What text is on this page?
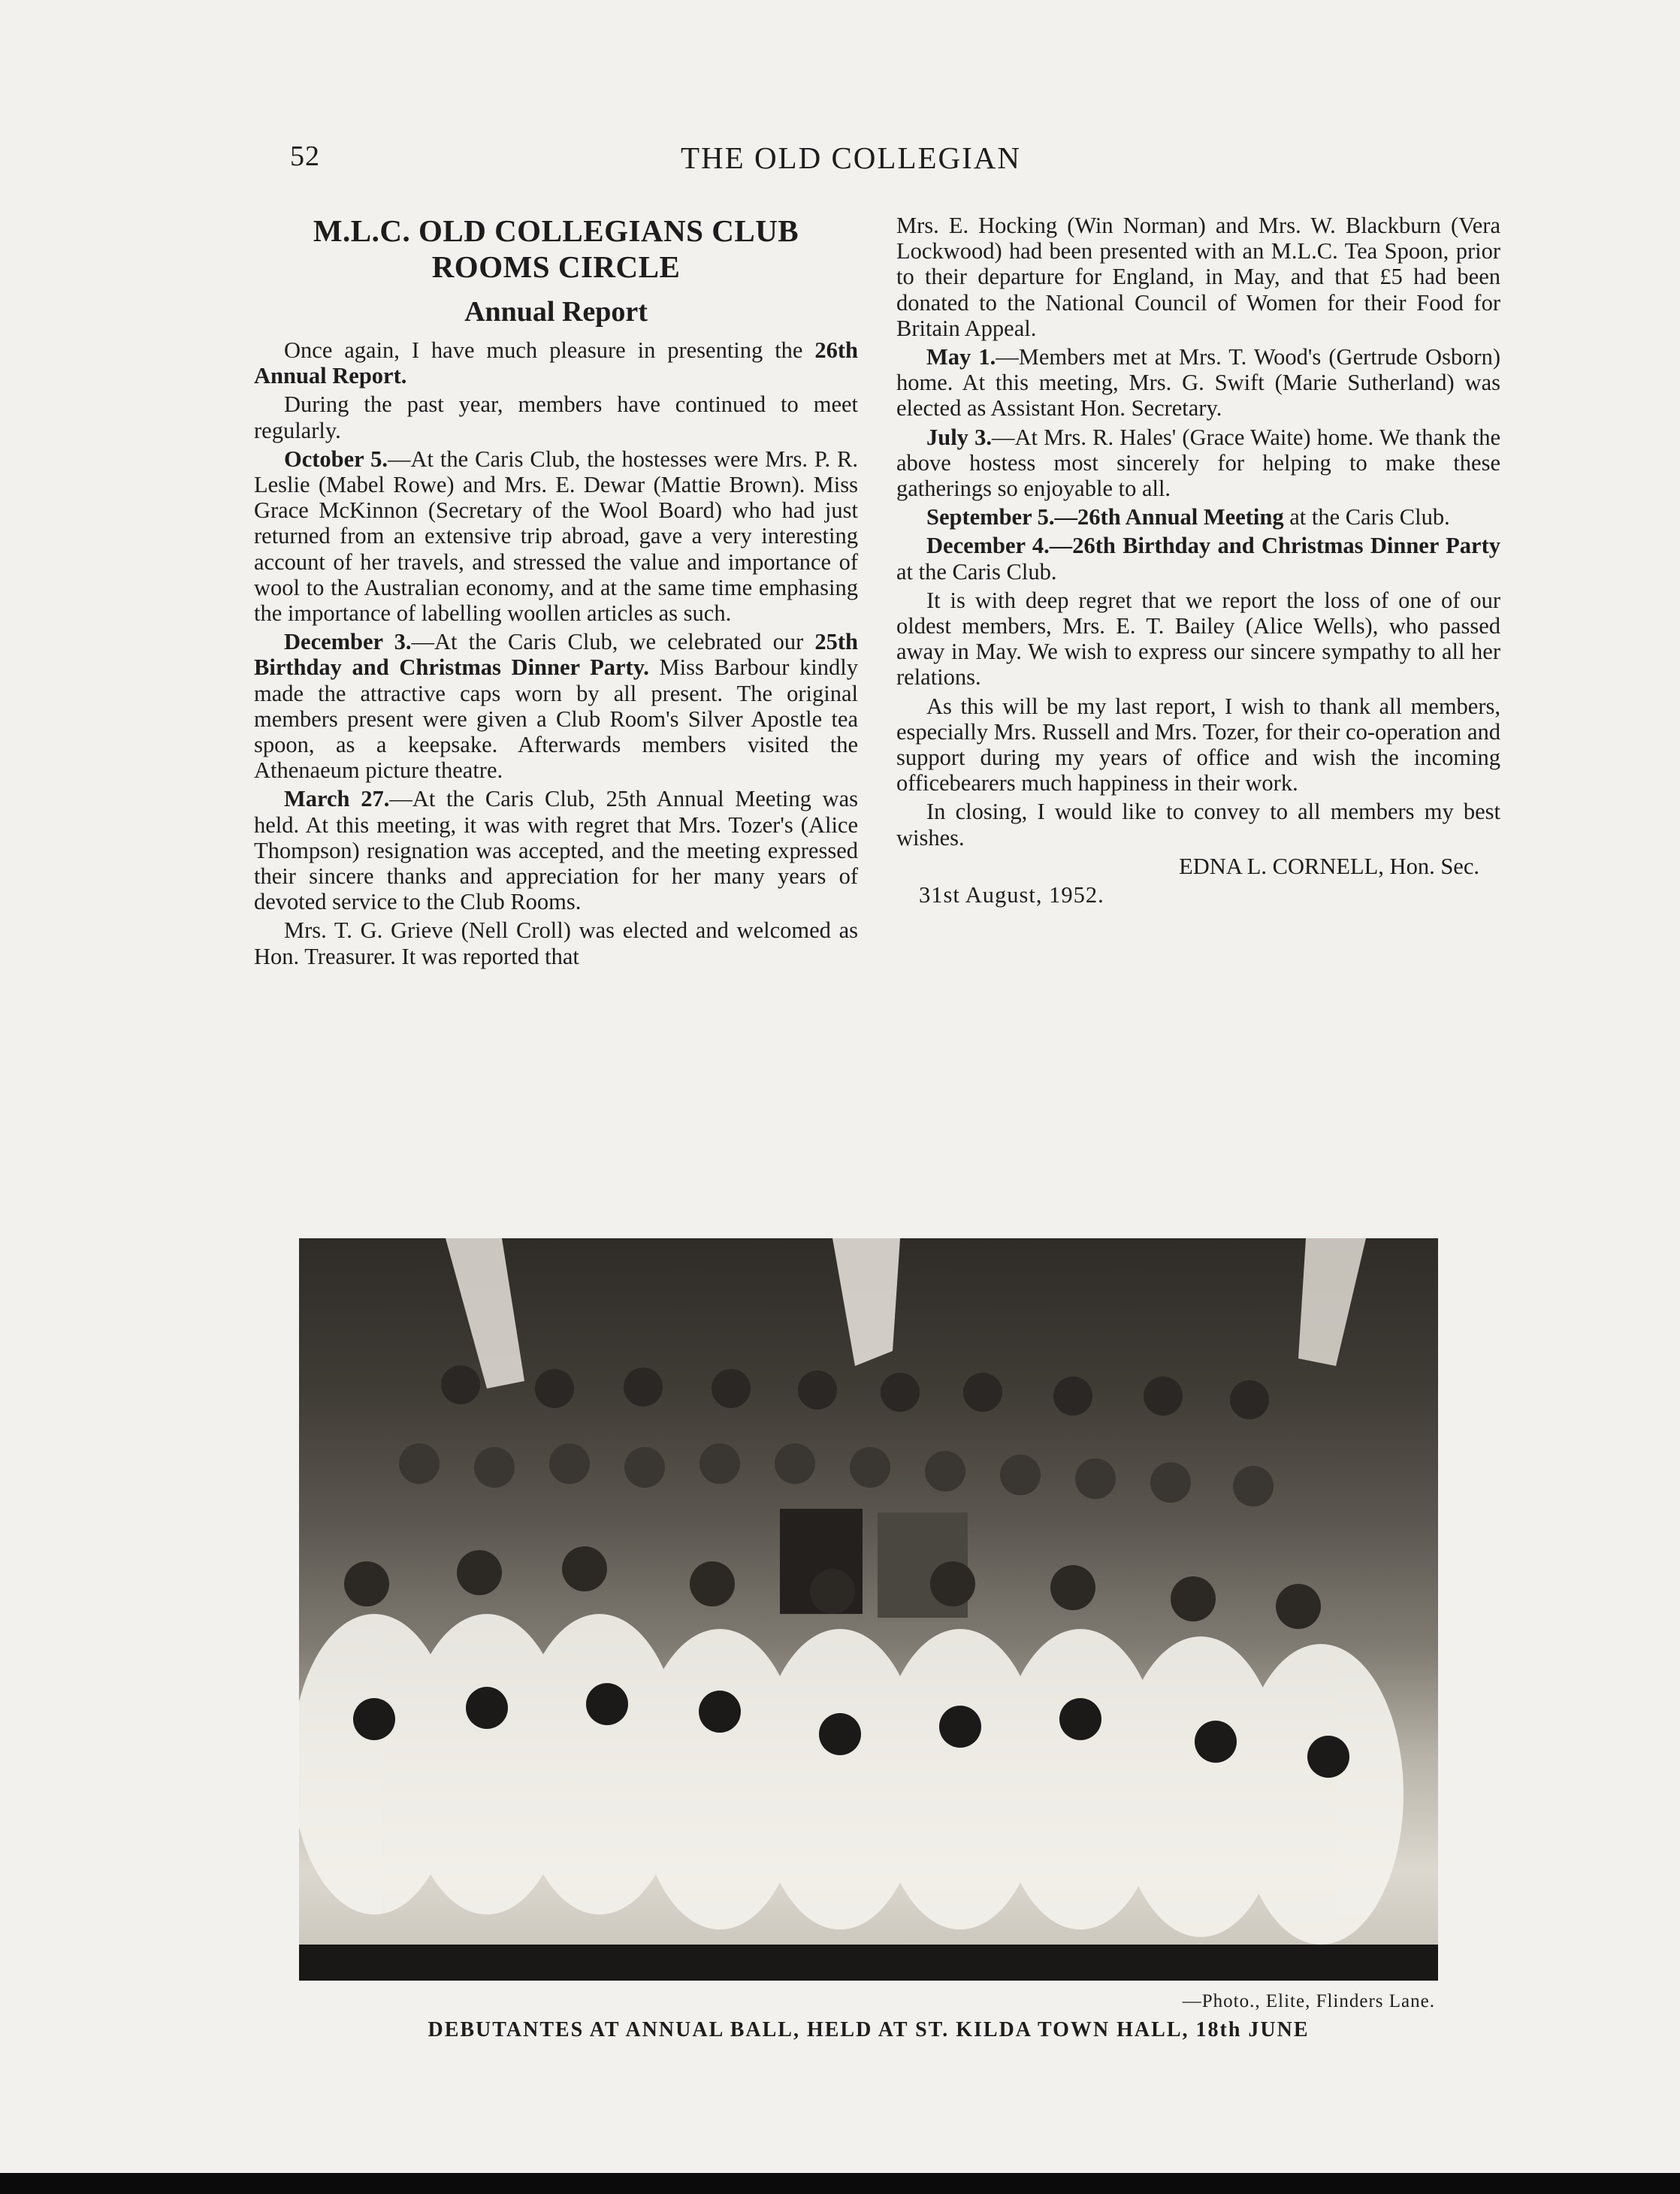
52	THE OLD COLLEGIAN
M.L.C. OLD COLLEGIANS CLUB
ROOMS CIRCLE
Annual Report

Once again, I have much pleasure in presenting the 26th Annual Report.

During the past year, members have continued to meet regularly.

October 5.—At the Caris Club, the hostesses were Mrs. P. R. Leslie (Mabel Rowe) and Mrs. E. Dewar (Mattie Brown). Miss Grace McKinnon (Secretary of the Wool Board) who had just returned from an extensive trip abroad, gave a very interesting account of her travels, and stressed the value and importance of wool to the Australian economy, and at the same time emphasing the importance of labelling woollen articles as such.

December 3.—At the Caris Club, we celebrated our 25th Birthday and Christmas Dinner Party. Miss Barbour kindly made the attractive caps worn by all present. The original members present were given a Club Room's Silver Apostle tea spoon, as a keepsake. Afterwards members visited the Athenaeum picture theatre.

March 27.—At the Caris Club, 25th Annual Meeting was held. At this meeting, it was with regret that Mrs. Tozer's (Alice Thompson) resignation was accepted, and the meeting expressed their sincere thanks and appreciation for her many years of devoted service to the Club Rooms.

Mrs. T. G. Grieve (Nell Croll) was elected and welcomed as Hon. Treasurer. It was reported that

Mrs. E. Hocking (Win Norman) and Mrs. W. Blackburn (Vera Lockwood) had been presented with an M.L.C. Tea Spoon, prior to their departure for England, in May, and that £5 had been donated to the National Council of Women for their Food for Britain Appeal.

May 1.—Members met at Mrs. T. Wood's (Gertrude Osborn) home. At this meeting, Mrs. G. Swift (Marie Sutherland) was elected as Assistant Hon. Secretary.

July 3.—At Mrs. R. Hales' (Grace Waite) home. We thank the above hostess most sincerely for helping to make these gatherings so enjoyable to all.

September 5.—26th Annual Meeting at the Caris Club.

December 4.—26th Birthday and Christmas Dinner Party at the Caris Club.

It is with deep regret that we report the loss of one of our oldest members, Mrs. E. T. Bailey (Alice Wells), who passed away in May. We wish to express our sincere sympathy to all her relations.

As this will be my last report, I wish to thank all members, especially Mrs. Russell and Mrs. Tozer, for their co-operation and support during my years of office and wish the incoming officebearers much happiness in their work.

In closing, I would like to convey to all members my best wishes.

EDNA L. CORNELL, Hon. Sec.

31st August, 1952.

—Photo., Elite, Flinders Lane.
DEBUTANTES AT ANNUAL BALL, HELD AT ST. KILDA TOWN HALL, 18th JUNE
